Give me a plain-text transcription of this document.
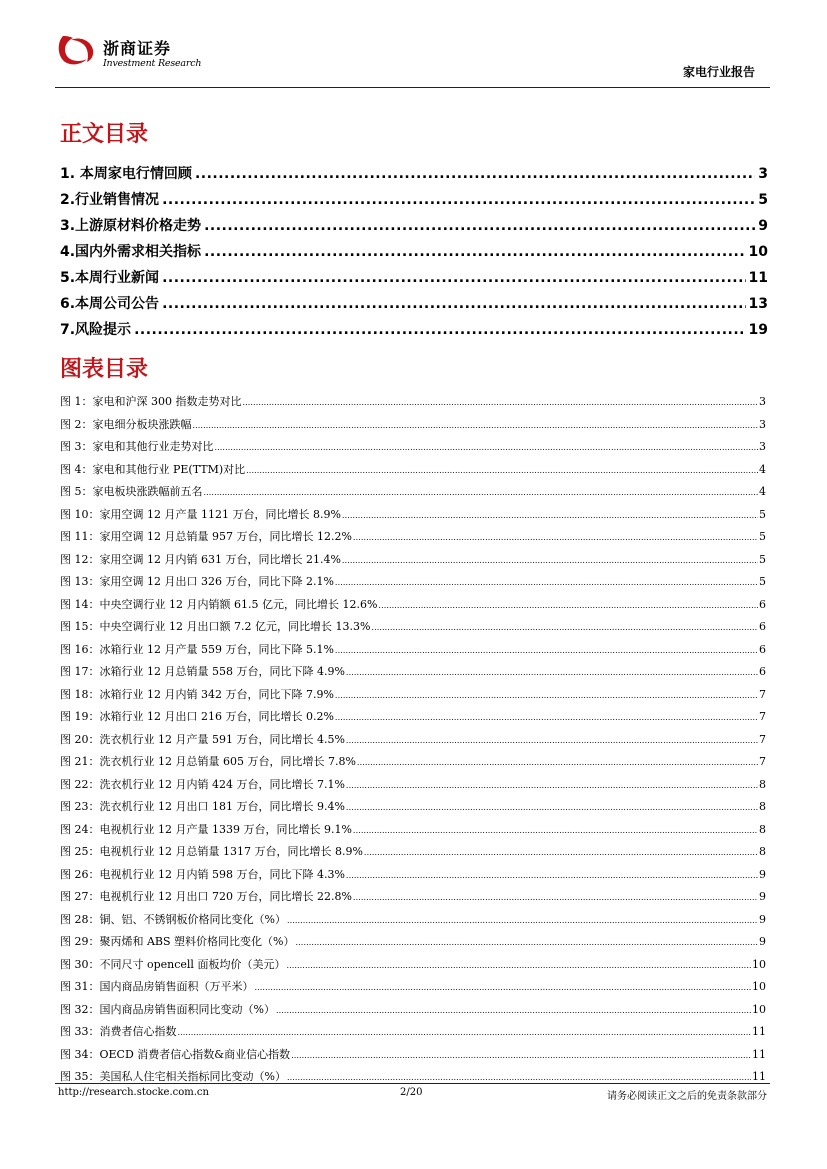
浙商证券
Investment Research
家电行业报告
正文目录
1. 本周家电行情回顾 .....	3
2.行业销售情况 .....	5
3.上游原材料价格走势 .....	9
4.国内外需求相关指标 .....	10
5.本周行业新闻 .....	11
6.本周公司公告 .....	13
7.风险提示 .....	19
图表目录
图 1：家电和沪深 300 指数走势对比 .....	3
图 2：家电细分板块涨跌幅 .....	3
图 3：家电和其他行业走势对比 .....	3
图 4：家电和其他行业 PE(TTM)对比 .....	4
图 5：家电板块涨跌幅前五名 .....	4
图 10：家用空调 12 月产量 1121 万台，同比增长 8.9% .....	5
图 11：家用空调 12 月总销量 957 万台，同比增长 12.2% .....	5
图 12：家用空调 12 月内销 631 万台，同比增长 21.4% .....	5
图 13：家用空调 12 月出口 326 万台，同比下降 2.1% .....	5
图 14：中央空调行业 12 月内销额 61.5 亿元，同比增长 12.6% .....	6
图 15：中央空调行业 12 月出口额 7.2 亿元，同比增长 13.3% .....	6
图 16：冰箱行业 12 月产量 559 万台，同比下降 5.1% .....	6
图 17：冰箱行业 12 月总销量 558 万台，同比下降 4.9% .....	6
图 18：冰箱行业 12 月内销 342 万台，同比下降 7.9% .....	7
图 19：冰箱行业 12 月出口 216 万台，同比增长 0.2% .....	7
图 20：洗衣机行业 12 月产量 591 万台，同比增长 4.5% .....	7
图 21：洗衣机行业 12 月总销量 605 万台，同比增长 7.8% .....	7
图 22：洗衣机行业 12 月内销 424 万台，同比增长 7.1% .....	8
图 23：洗衣机行业 12 月出口 181 万台，同比增长 9.4% .....	8
图 24：电视机行业 12 月产量 1339 万台，同比增长 9.1% .....	8
图 25：电视机行业 12 月总销量 1317 万台，同比增长 8.9% .....	8
图 26：电视机行业 12 月内销 598 万台，同比下降 4.3% .....	9
图 27：电视机行业 12 月出口 720 万台，同比增长 22.8% .....	9
图 28：铜、铝、不锈钢板价格同比变化（%） .....	9
图 29：聚丙烯和 ABS 塑料价格同比变化（%） .....	9
图 30：不同尺寸 opencell 面板均价（美元） .....	10
图 31：国内商品房销售面积（万平米） .....	10
图 32：国内商品房销售面积同比变动（%） .....	10
图 33：消费者信心指数 .....	11
图 34：OECD 消费者信心指数&商业信心指数 .....	11
图 35：美国私人住宅相关指标同比变动（%） .....	11
http://research.stocke.com.cn	2/20	请务必阅读正文之后的免责条款部分
